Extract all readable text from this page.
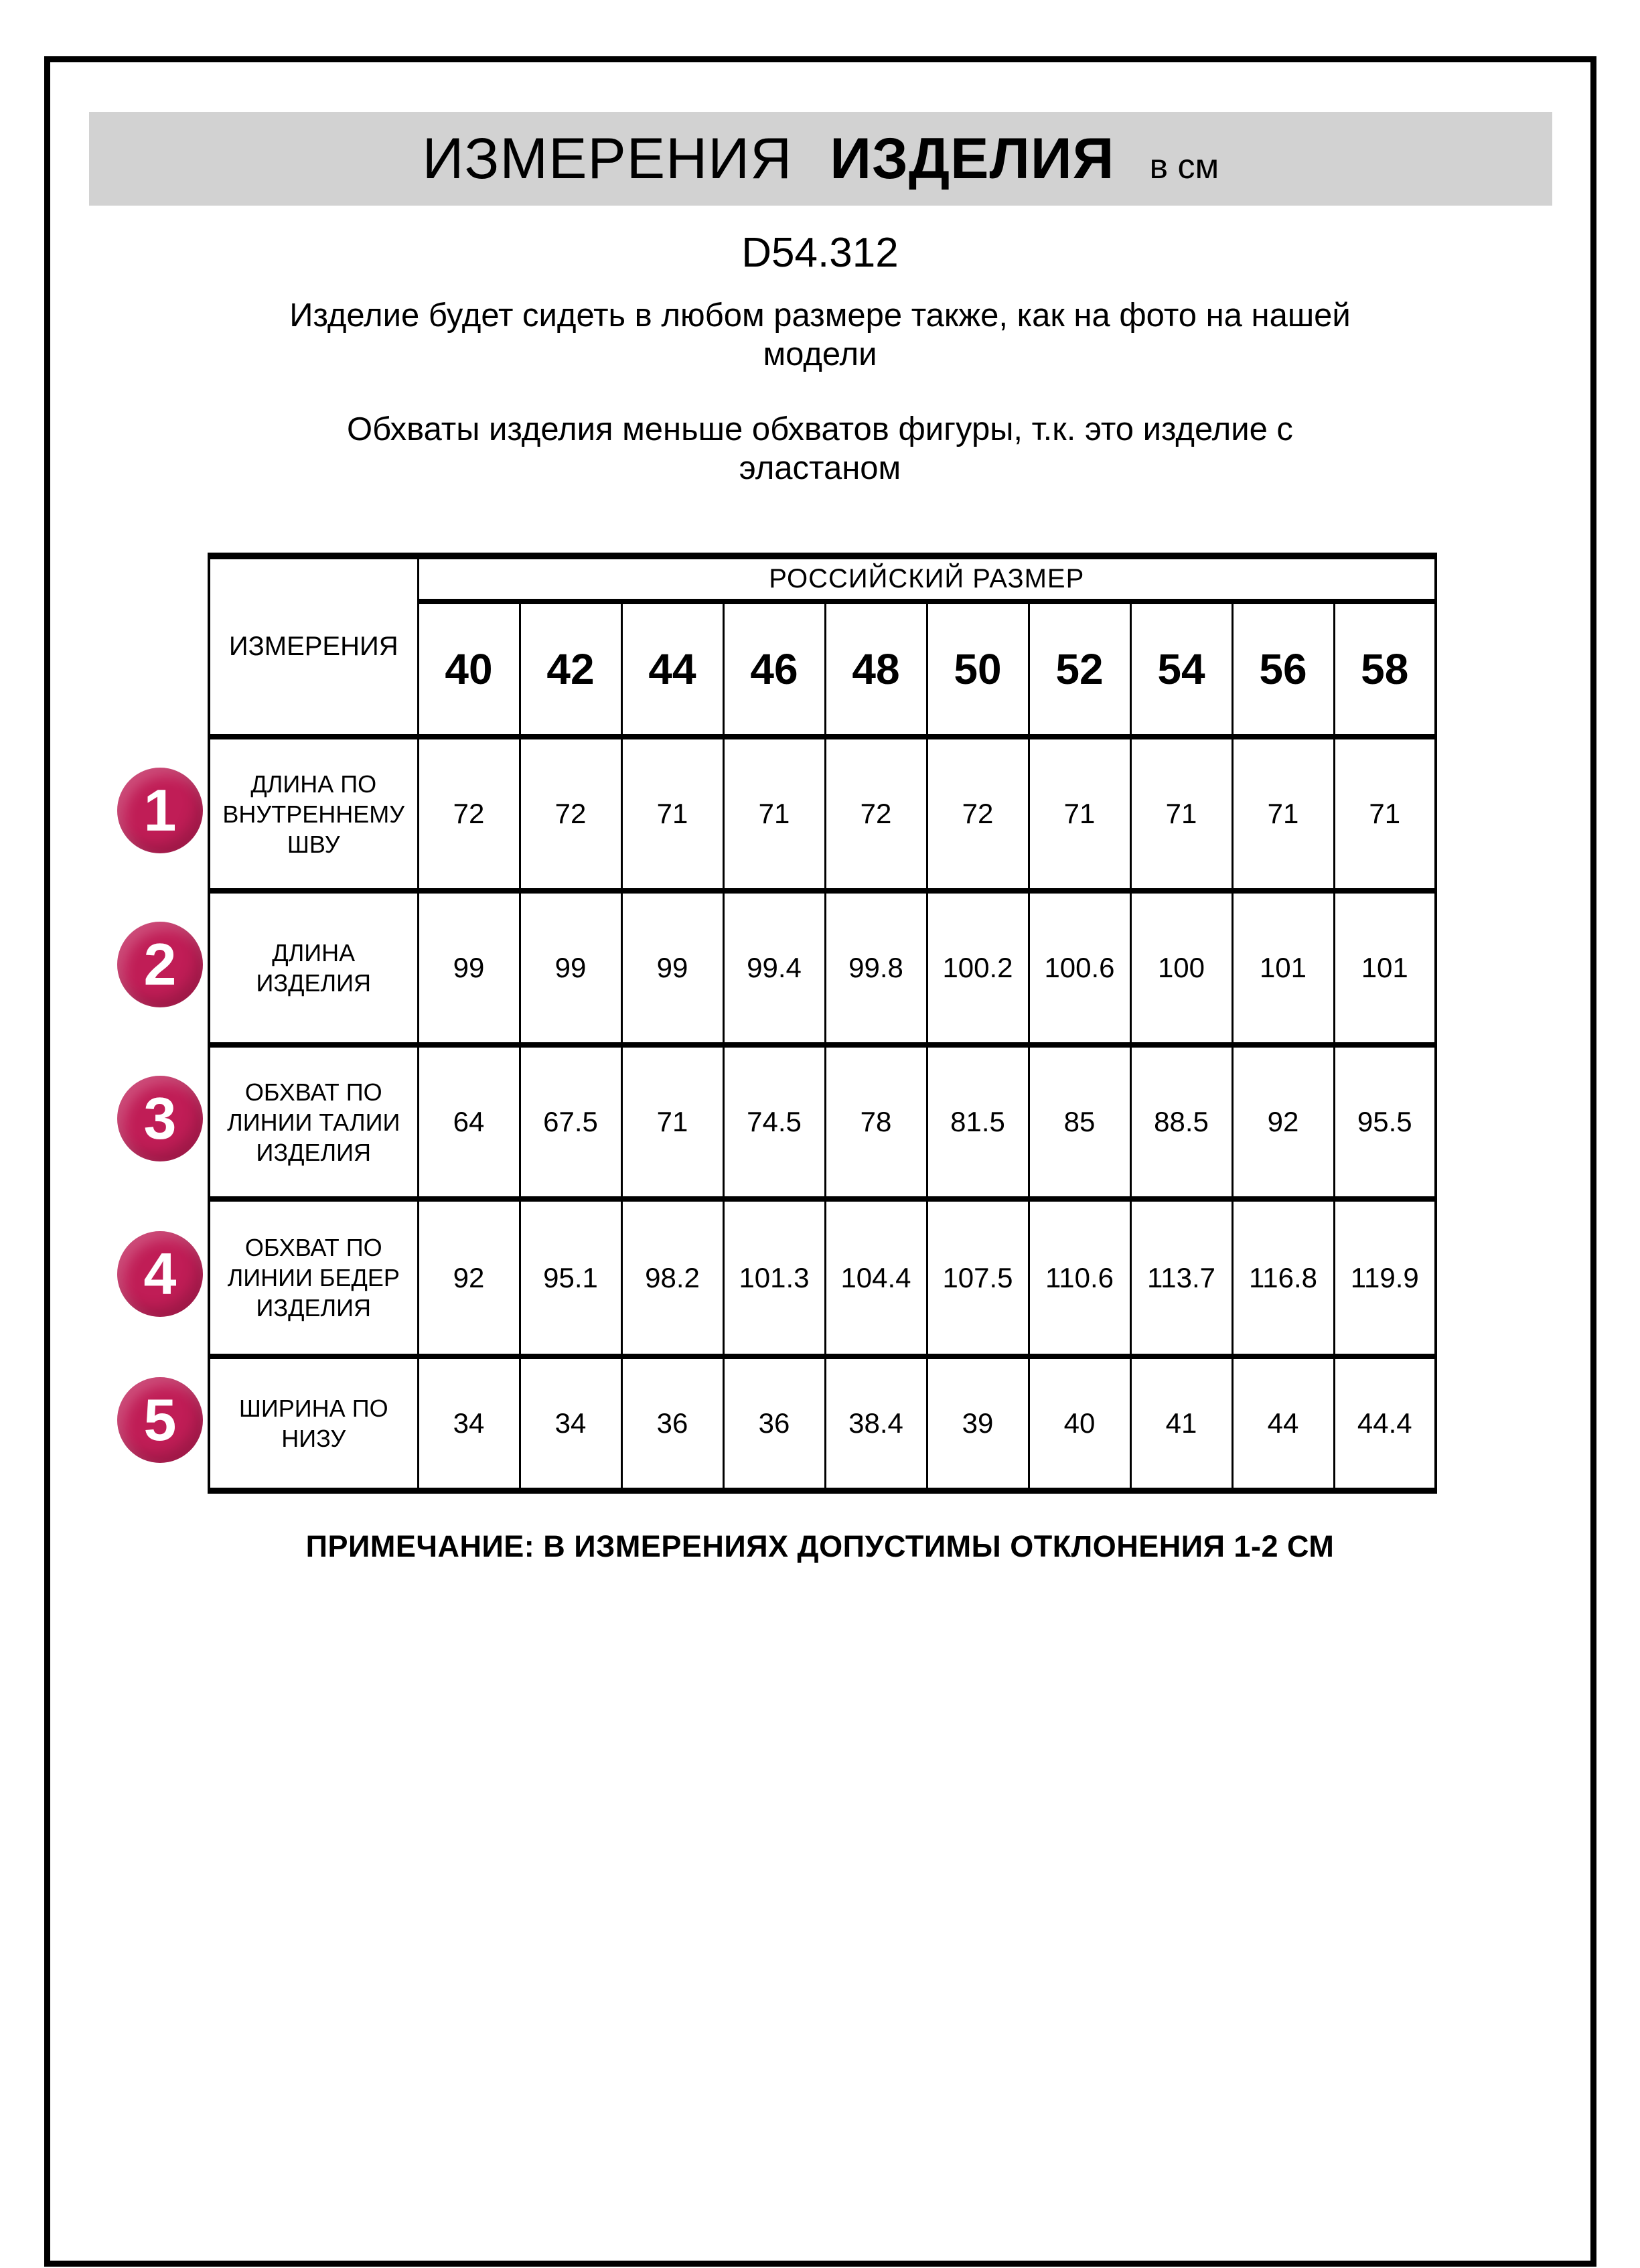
ИЗМЕРЕНИЯ ИЗДЕЛИЯ в см
D54.312
Изделие будет сидеть в любом размере также, как на фото на нашей
модели
Обхваты изделия меньше обхватов фигуры, т.к. это изделие с
эластаном
ИЗМЕРЕНИЯ	РОССИЙСКИЙ РАЗМЕР									
	40	42	44	46	48	50	52	54	56	58
ДЛИНА ПО ВНУТРЕННЕМУ ШВУ	72	72	71	71	72	72	71	71	71	71
ДЛИНА ИЗДЕЛИЯ	99	99	99	99.4	99.8	100.2	100.6	100	101	101
ОБХВАТ ПО ЛИНИИ ТАЛИИ ИЗДЕЛИЯ	64	67.5	71	74.5	78	81.5	85	88.5	92	95.5
ОБХВАТ ПО ЛИНИИ БЕДЕР ИЗДЕЛИЯ	92	95.1	98.2	101.3	104.4	107.5	110.6	113.7	116.8	119.9
ШИРИНА ПО НИЗУ	34	34	36	36	38.4	39	40	41	44	44.4
1
2
3
4
5
ПРИМЕЧАНИЕ: В ИЗМЕРЕНИЯХ ДОПУСТИМЫ ОТКЛОНЕНИЯ 1-2 СМ
